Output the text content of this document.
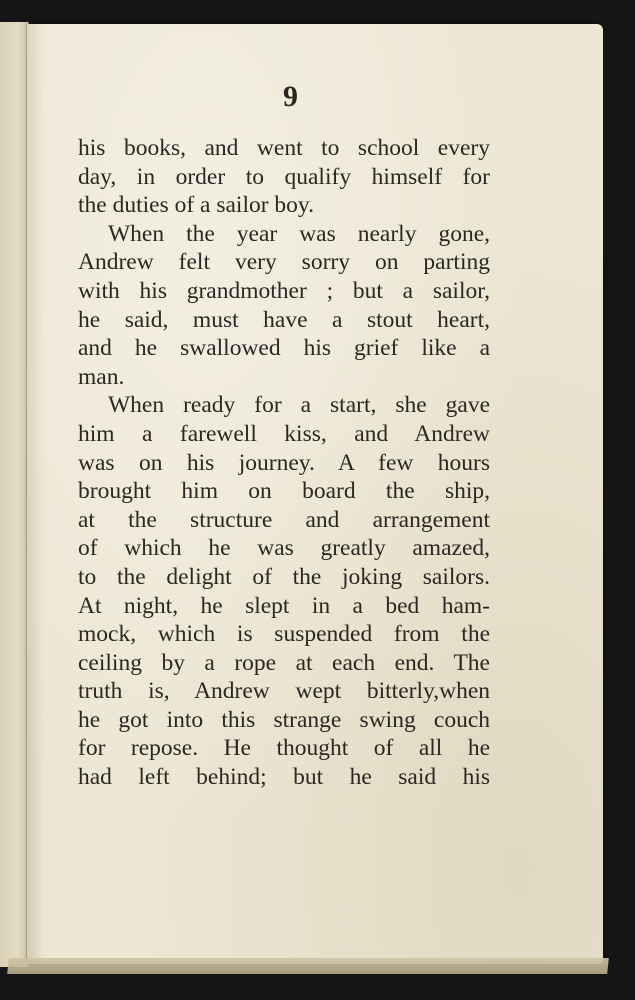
9
his books, and went to school every
day, in order to qualify himself for
the duties of a sailor boy.
When the year was nearly gone,
Andrew felt very sorry on parting
with his grandmother ; but a sailor,
he said, must have a stout heart,
and he swallowed his grief like a
man.
When ready for a start, she gave
him a farewell kiss, and Andrew
was on his journey. A few hours
brought him on board the ship,
at the structure and arrangement
of which he was greatly amazed,
to the delight of the joking sailors.
At night, he slept in a bed ham-
mock, which is suspended from the
ceiling by a rope at each end. The
truth is, Andrew wept bitterly,when
he got into this strange swing couch
for repose. He thought of all he
had left behind; but he said his
